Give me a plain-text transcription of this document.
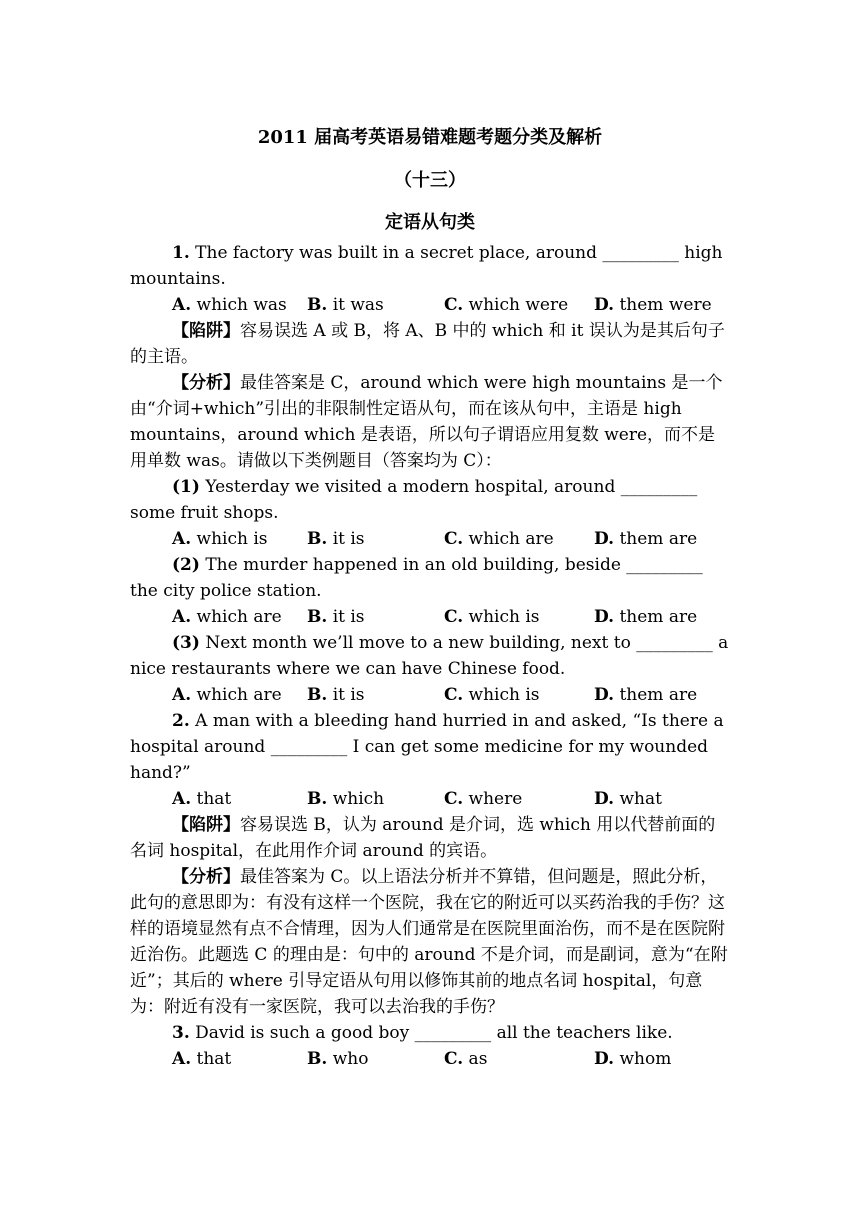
2011 届高考英语易错难题考题分类及解析
（十三）
定语从句类

1. The factory was built in a secret place, around _________ high mountains.

A. which was B. it was	C. which were D. them were

【陷阱】容易误选 A 或 B，将 A、B 中的 which 和 it 误认为是其后句子的主语。

【分析】最佳答案是 C，around which were high mountains 是一个由“介词+which”引出的非限制性定语从句，而在该从句中，主语是 high mountains，around which 是表语，所以句子谓语应用复数 were，而不是用单数 was。请做以下类例题目（答案均为 C）：

(1) Yesterday we visited a modern hospital, around _________ some fruit shops.

A. which is B. it is	C. which are D. them are

(2) The murder happened in an old building, beside _________ the city police station.

A. which are B. it is	C. which is	D. them are

(3) Next month we’ll move to a new building, next to _________ a nice restaurants where we can have Chinese food.

A. which are B. it is	C. which is	D. them are

2. A man with a bleeding hand hurried in and asked, “Is there a hospital around _________ I can get some medicine for my wounded hand?”

A. that	B. which	C. where	D. what

【陷阱】容易误选 B，认为 around 是介词，选 which 用以代替前面的名词 hospital，在此用作介词 around 的宾语。

【分析】最佳答案为 C。以上语法分析并不算错，但问题是，照此分析，此句的意思即为：有没有这样一个医院，我在它的附近可以买药治我的手伤？这样的语境显然有点不合情理，因为人们通常是在医院里面治伤，而不是在医院附近治伤。此题选 C 的理由是：句中的 around 不是介词，而是副词，意为“在附近”；其后的 where 引导定语从句用以修饰其前的地点名词 hospital，句意为：附近有没有一家医院，我可以去治我的手伤？

3. David is such a good boy _________ all the teachers like.

A. that	B. who	C. as	D. whom
